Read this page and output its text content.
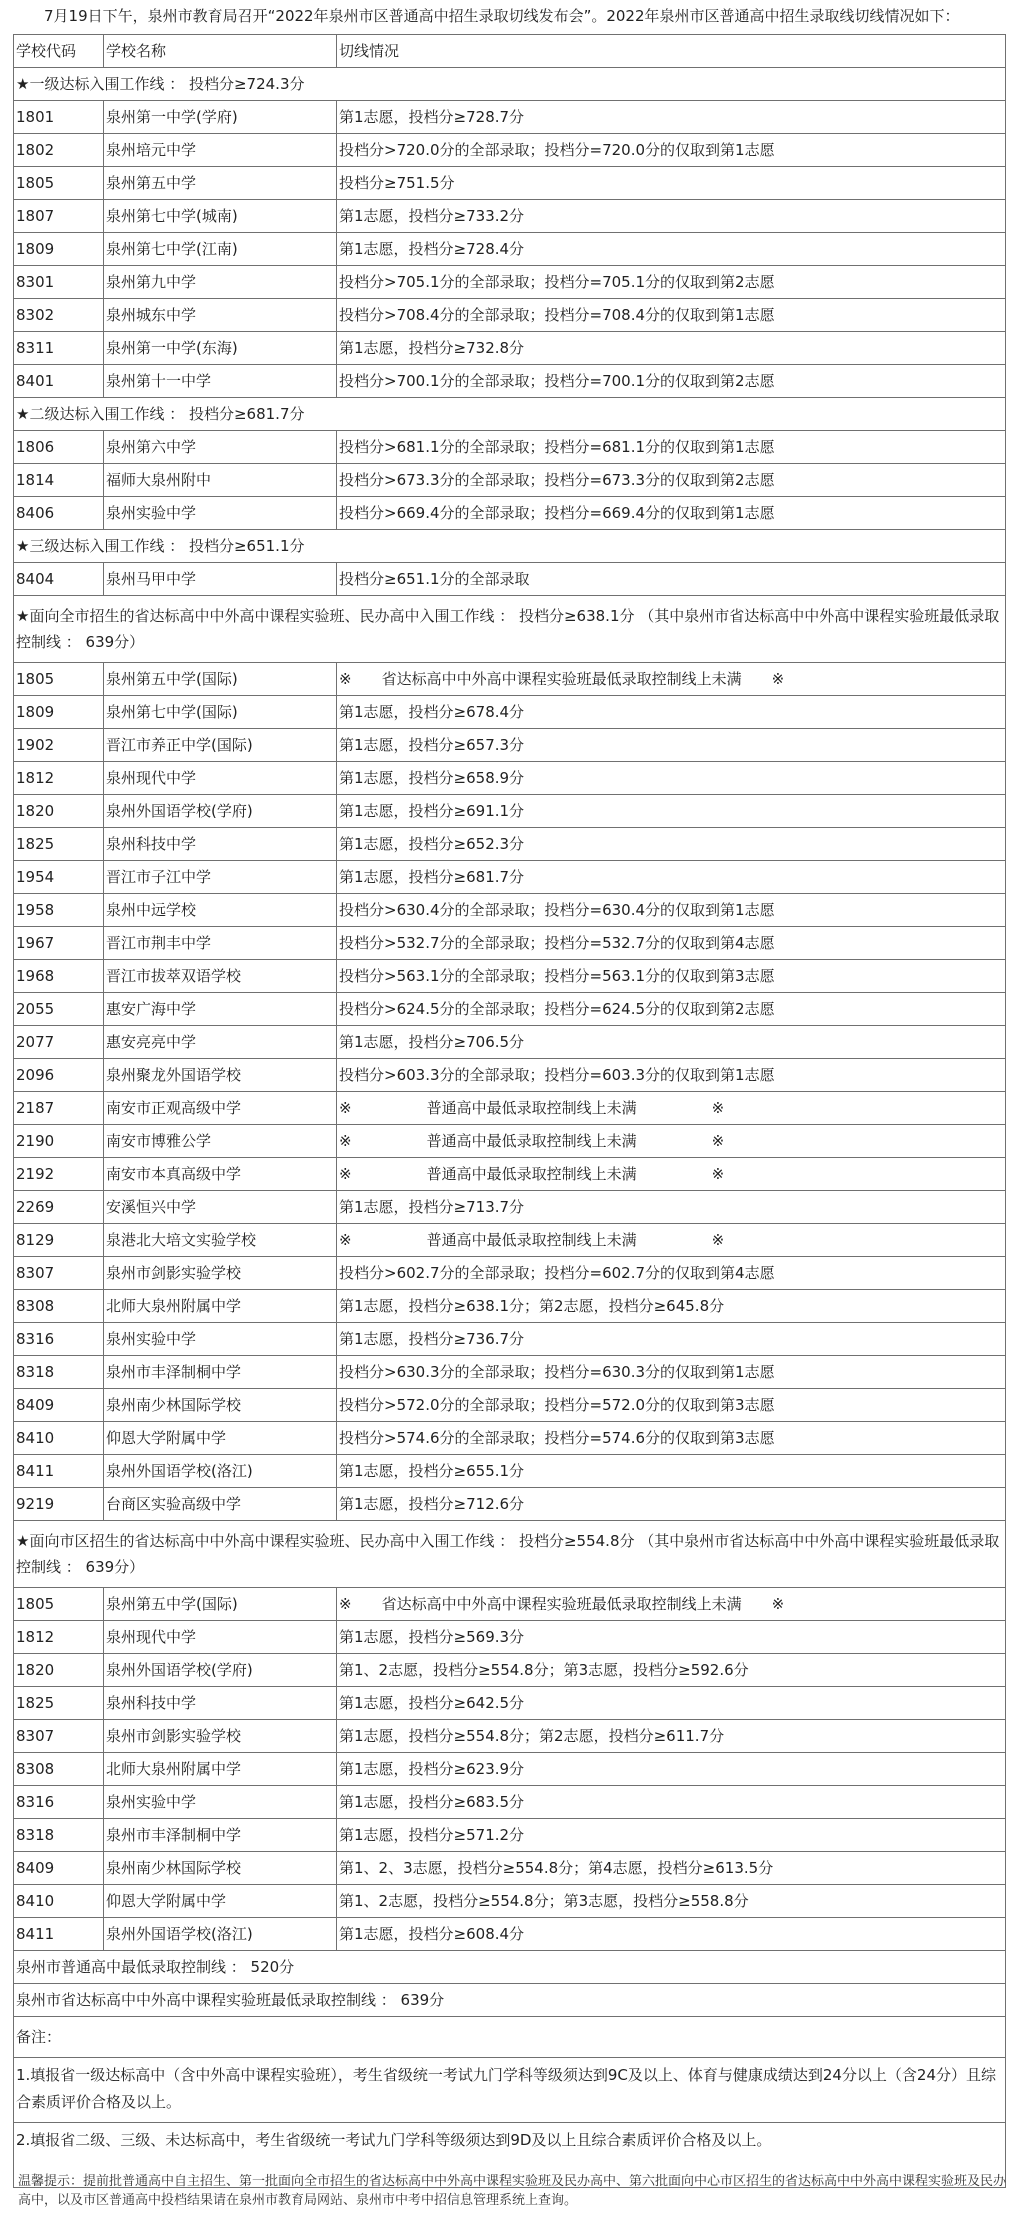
7月19日下午，泉州市教育局召开“2022年泉州市区普通高中招生录取切线发布会”。2022年泉州市区普通高中招生录取线切线情况如下：
学校代码	学校名称	切线情况
★一级达标入围工作线 ： 投档分≥724.3分		
1801	泉州第一中学(学府)	第1志愿，投档分≥728.7分
1802	泉州培元中学	投档分>720.0分的全部录取；投档分=720.0分的仅取到第1志愿
1805	泉州第五中学	投档分≥751.5分
1807	泉州第七中学(城南)	第1志愿，投档分≥733.2分
1809	泉州第七中学(江南)	第1志愿，投档分≥728.4分
8301	泉州第九中学	投档分>705.1分的全部录取；投档分=705.1分的仅取到第2志愿
8302	泉州城东中学	投档分>708.4分的全部录取；投档分=708.4分的仅取到第1志愿
8311	泉州第一中学(东海)	第1志愿，投档分≥732.8分
8401	泉州第十一中学	投档分>700.1分的全部录取；投档分=700.1分的仅取到第2志愿
★二级达标入围工作线 ： 投档分≥681.7分		
1806	泉州第六中学	投档分>681.1分的全部录取；投档分=681.1分的仅取到第1志愿
1814	福师大泉州附中	投档分>673.3分的全部录取；投档分=673.3分的仅取到第2志愿
8406	泉州实验中学	投档分>669.4分的全部录取；投档分=669.4分的仅取到第1志愿
★三级达标入围工作线 ： 投档分≥651.1分		
8404	泉州马甲中学	投档分≥651.1分的全部录取
★面向全市招生的省达标高中中外高中课程实验班、民办高中入围工作线 ： 投档分≥638.1分 （其中泉州市省达标高中中外高中课程实验班最低录取控制线 ： 639分）		
1805	泉州第五中学(国际)	※　　省达标高中中外高中课程实验班最低录取控制线上未满　　※
1809	泉州第七中学(国际)	第1志愿，投档分≥678.4分
1902	晋江市养正中学(国际)	第1志愿，投档分≥657.3分
1812	泉州现代中学	第1志愿，投档分≥658.9分
1820	泉州外国语学校(学府)	第1志愿，投档分≥691.1分
1825	泉州科技中学	第1志愿，投档分≥652.3分
1954	晋江市子江中学	第1志愿，投档分≥681.7分
1958	泉州中远学校	投档分>630.4分的全部录取；投档分=630.4分的仅取到第1志愿
1967	晋江市荆丰中学	投档分>532.7分的全部录取；投档分=532.7分的仅取到第4志愿
1968	晋江市拔萃双语学校	投档分>563.1分的全部录取；投档分=563.1分的仅取到第3志愿
2055	惠安广海中学	投档分>624.5分的全部录取；投档分=624.5分的仅取到第2志愿
2077	惠安亮亮中学	第1志愿，投档分≥706.5分
2096	泉州聚龙外国语学校	投档分>603.3分的全部录取；投档分=603.3分的仅取到第1志愿
2187	南安市正观高级中学	※　　　　　普通高中最低录取控制线上未满　　　　　※
2190	南安市博雅公学	※　　　　　普通高中最低录取控制线上未满　　　　　※
2192	南安市本真高级中学	※　　　　　普通高中最低录取控制线上未满　　　　　※
2269	安溪恒兴中学	第1志愿，投档分≥713.7分
8129	泉港北大培文实验学校	※　　　　　普通高中最低录取控制线上未满　　　　　※
8307	泉州市剑影实验学校	投档分>602.7分的全部录取；投档分=602.7分的仅取到第4志愿
8308	北师大泉州附属中学	第1志愿，投档分≥638.1分；第2志愿，投档分≥645.8分
8316	泉州实验中学	第1志愿，投档分≥736.7分
8318	泉州市丰泽制桐中学	投档分>630.3分的全部录取；投档分=630.3分的仅取到第1志愿
8409	泉州南少林国际学校	投档分>572.0分的全部录取；投档分=572.0分的仅取到第3志愿
8410	仰恩大学附属中学	投档分>574.6分的全部录取；投档分=574.6分的仅取到第3志愿
8411	泉州外国语学校(洛江)	第1志愿，投档分≥655.1分
9219	台商区实验高级中学	第1志愿，投档分≥712.6分
★面向市区招生的省达标高中中外高中课程实验班、民办高中入围工作线 ： 投档分≥554.8分 （其中泉州市省达标高中中外高中课程实验班最低录取控制线 ： 639分）		
1805	泉州第五中学(国际)	※　　省达标高中中外高中课程实验班最低录取控制线上未满　　※
1812	泉州现代中学	第1志愿，投档分≥569.3分
1820	泉州外国语学校(学府)	第1、2志愿，投档分≥554.8分；第3志愿，投档分≥592.6分
1825	泉州科技中学	第1志愿，投档分≥642.5分
8307	泉州市剑影实验学校	第1志愿，投档分≥554.8分；第2志愿，投档分≥611.7分
8308	北师大泉州附属中学	第1志愿，投档分≥623.9分
8316	泉州实验中学	第1志愿，投档分≥683.5分
8318	泉州市丰泽制桐中学	第1志愿，投档分≥571.2分
8409	泉州南少林国际学校	第1、2、3志愿，投档分≥554.8分；第4志愿，投档分≥613.5分
8410	仰恩大学附属中学	第1、2志愿，投档分≥554.8分；第3志愿，投档分≥558.8分
8411	泉州外国语学校(洛江)	第1志愿，投档分≥608.4分
泉州市普通高中最低录取控制线 ： 520分		
泉州市省达标高中中外高中课程实验班最低录取控制线 ： 639分		
备注：		
1.填报省一级达标高中（含中外高中课程实验班），考生省级统一考试九门学科等级须达到9C及以上、体育与健康成绩达到24分以上（含24分）且综合素质评价合格及以上。		
2.填报省二级、三级、未达标高中，考生省级统一考试九门学科等级须达到9D及以上且综合素质评价合格及以上。		
温馨提示：提前批普通高中自主招生、第一批面向全市招生的省达标高中中外高中课程实验班及民办高中、第六批面向中心市区招生的省达标高中中外高中课程实验班及民办高中，以及市区普通高中投档结果请在泉州市教育局网站、泉州市中考中招信息管理系统上查询。
